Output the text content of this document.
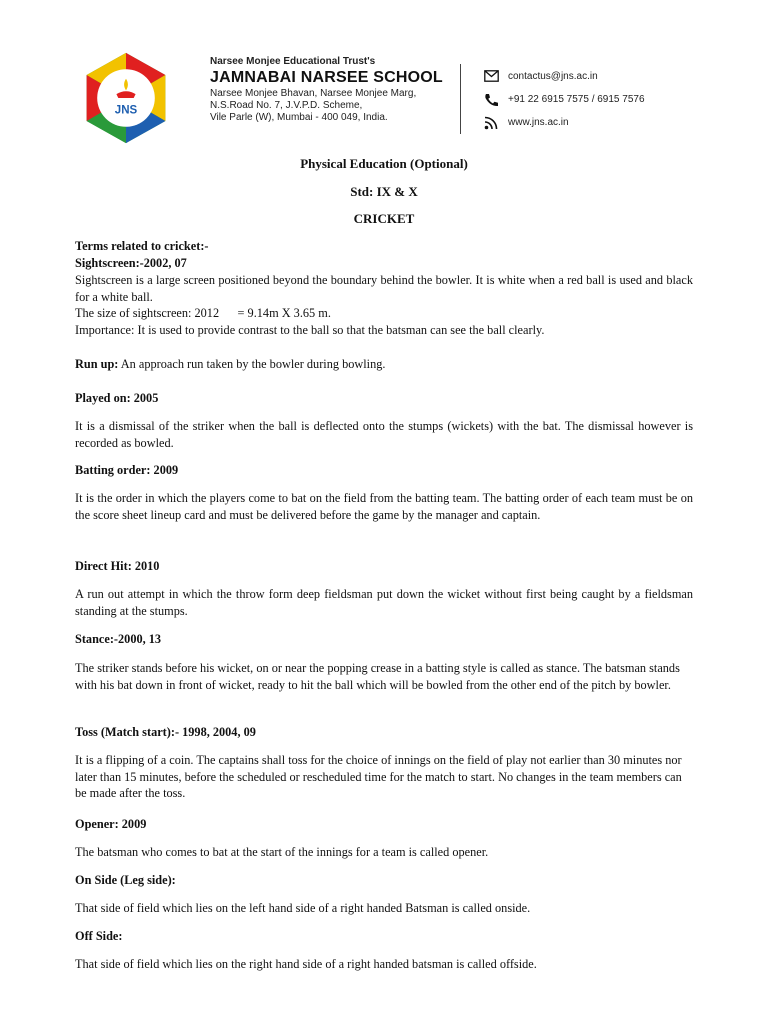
JNS
Narsee Monjee Educational Trust's
JAMNABAI NARSEE SCHOOL
Narsee Monjee Bhavan, Narsee Monjee Marg,
N.S.Road No. 7, J.V.P.D. Scheme,
Vile Parle (W), Mumbai - 400 049, India.
contactus@jns.ac.in
+91 22 6915 7575 / 6915 7576
www.jns.ac.in
Physical Education (Optional)
Std: IX & X
CRICKET

Terms related to cricket:-

Sightscreen:-2002, 07

Sightscreen is a large screen positioned beyond the boundary behind the bowler. It is white when a red ball is used and black for a white ball.

The size of sightscreen: 2012      = 9.14m X 3.65 m.

Importance: It is used to provide contrast to the ball so that the batsman can see the ball clearly.

Run up: An approach run taken by the bowler during bowling.

Played on: 2005

It is a dismissal of the striker when the ball is deflected onto the stumps (wickets) with the bat. The dismissal however is recorded as bowled.

Batting order: 2009

It is the order in which the players come to bat on the field from the batting team. The batting order of each team must be on the score sheet lineup card and must be delivered before the game by the manager and captain.

Direct Hit: 2010

A run out attempt in which the throw form deep fieldsman put down the wicket without first being caught by a fieldsman standing at the stumps.

Stance:-2000, 13

The striker stands before his wicket, on or near the popping crease in a batting style is called as stance. The batsman stands with his bat down in front of wicket, ready to hit the ball which will be bowled from the other end of the pitch by bowler.

Toss (Match start):- 1998, 2004, 09

It is a flipping of a coin. The captains shall toss for the choice of innings on the field of play not earlier than 30 minutes nor later than 15 minutes, before the scheduled or rescheduled time for the match to start. No changes in the team members can be made after the toss.

Opener: 2009

The batsman who comes to bat at the start of the innings for a team is called opener.

On Side (Leg side):

That side of field which lies on the left hand side of a right handed Batsman is called onside.

Off Side:

That side of field which lies on the right hand side of a right handed batsman is called offside.
